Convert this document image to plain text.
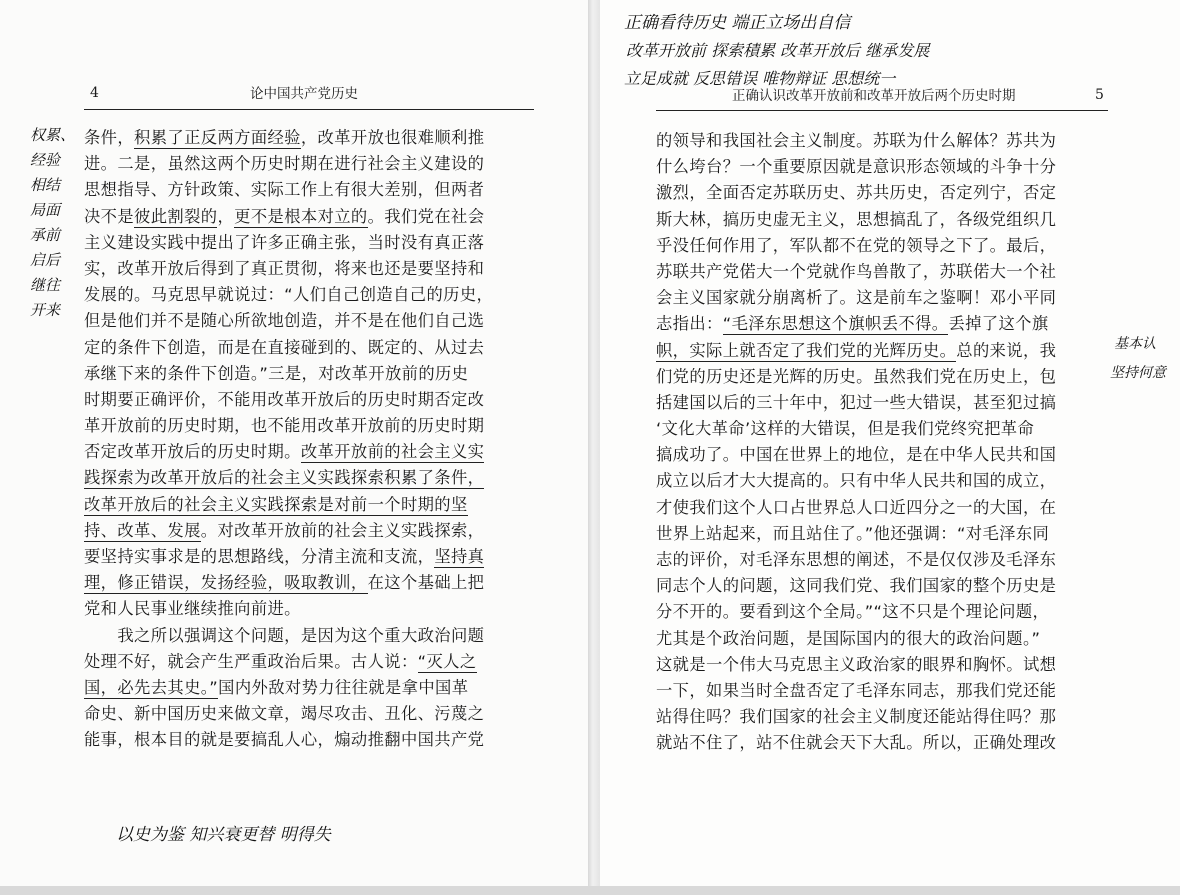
4	论中国共产党历史
权累、
经验
相结
局面
承前
启后
继往
开来
条件，积累了正反两方面经验，改革开放也很难顺利推
进。二是，虽然这两个历史时期在进行社会主义建设的
思想指导、方针政策、实际工作上有很大差别，但两者
决不是彼此割裂的，更不是根本对立的。我们党在社会
主义建设实践中提出了许多正确主张，当时没有真正落
实，改革开放后得到了真正贯彻，将来也还是要坚持和
发展的。马克思早就说过：“人们自己创造自己的历史，
但是他们并不是随心所欲地创造，并不是在他们自己选
定的条件下创造，而是在直接碰到的、既定的、从过去
承继下来的条件下创造。”三是，对改革开放前的历史
时期要正确评价，不能用改革开放后的历史时期否定改
革开放前的历史时期，也不能用改革开放前的历史时期
否定改革开放后的历史时期。改革开放前的社会主义实
践探索为改革开放后的社会主义实践探索积累了条件，
改革开放后的社会主义实践探索是对前一个时期的坚
持、改革、发展。对改革开放前的社会主义实践探索，
要坚持实事求是的思想路线，分清主流和支流，坚持真
理，修正错误，发扬经验，吸取教训，在这个基础上把
党和人民事业继续推向前进。
　　我之所以强调这个问题，是因为这个重大政治问题
处理不好，就会产生严重政治后果。古人说：“灭人之
国，必先去其史。”国内外敌对势力往往就是拿中国革
命史、新中国历史来做文章，竭尽攻击、丑化、污蔑之
能事，根本目的就是要搞乱人心，煽动推翻中国共产党
以史为鉴 知兴衰更替 明得失
正确看待历史 端正立场出自信
改革开放前 探索積累 改革开放后 继承发展
立足成就 反思错误 唯物辩证 思想统一
正确认识改革开放前和改革开放后两个历史时期	5
的领导和我国社会主义制度。苏联为什么解体？苏共为
什么垮台？一个重要原因就是意识形态领域的斗争十分
激烈，全面否定苏联历史、苏共历史，否定列宁，否定
斯大林，搞历史虚无主义，思想搞乱了，各级党组织几
乎没任何作用了，军队都不在党的领导之下了。最后，
苏联共产党偌大一个党就作鸟兽散了，苏联偌大一个社
会主义国家就分崩离析了。这是前车之鉴啊！邓小平同
志指出：“毛泽东思想这个旗帜丢不得。丢掉了这个旗
帜，实际上就否定了我们党的光辉历史。总的来说，我
们党的历史还是光辉的历史。虽然我们党在历史上，包
括建国以后的三十年中，犯过一些大错误，甚至犯过搞
‘文化大革命’这样的大错误，但是我们党终究把革命
搞成功了。中国在世界上的地位，是在中华人民共和国
成立以后才大大提高的。只有中华人民共和国的成立，
才使我们这个人口占世界总人口近四分之一的大国，在
世界上站起来，而且站住了。”他还强调：“对毛泽东同
志的评价，对毛泽东思想的阐述，不是仅仅涉及毛泽东
同志个人的问题，这同我们党、我们国家的整个历史是
分不开的。要看到这个全局。”“这不只是个理论问题，
尤其是个政治问题，是国际国内的很大的政治问题。”
这就是一个伟大马克思主义政治家的眼界和胸怀。试想
一下，如果当时全盘否定了毛泽东同志，那我们党还能
站得住吗？我们国家的社会主义制度还能站得住吗？那
就站不住了，站不住就会天下大乱。所以，正确处理改
基本认
坚持何意
